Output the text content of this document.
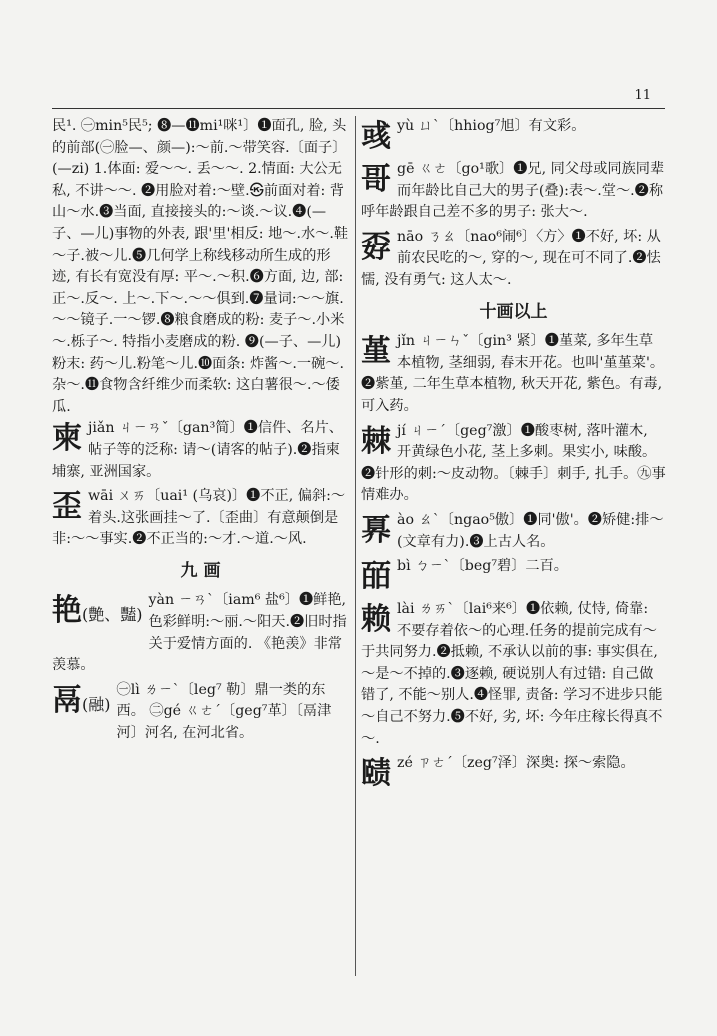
11
民¹. ㊀min⁵民⁵; ❽—⓫mi¹咪¹〕❶面孔, 脸, 头的前部(㊀脸—、颜—):～前.～带笑容.〔面子〕(—zi) 1.体面: 爱～～. 丢～～. 2.情面: 大公无私, 不讲～～. ❷用脸对着:～壁.㉿前面对着: 背山～水.❸当面, 直接接头的:～谈.～议.❹(—子、—儿)事物的外表, 跟'里'相反: 地～.水～.鞋～子.被～儿.❺几何学上称线移动所生成的形迹, 有长有宽没有厚: 平～.～积.❻方面, 边, 部: 正～.反～. 上～.下～.～～俱到.❼量词:～～旗.～～镜子.一～锣.❽粮食磨成的粉: 麦子～.小米～.栎子～. 特指小麦磨成的粉. ❾(—子、—儿)粉末: 药～儿.粉笔～儿.❿面条: 炸酱～.一碗～.杂～.⓫食物含纤维少而柔软: 这白薯很～.～倭瓜.
柬 jiǎn ㄐㄧㄢˇ〔gan³简〕❶信件、名片、帖子等的泛称: 请～(请客的帖子).❷指柬埔寨, 亚洲国家。
歪 wāi ㄨㄞ〔uai¹ (乌哀)〕❶不正, 偏斜:～着头.这张画挂～了.〔歪曲〕有意颠倒是非:～～事实.❷不正当的:～才.～道.～风.
九 画
艳(艶、豔)
yàn ㄧㄢˋ〔iam⁶ 盐⁶〕❶鲜艳, 色彩鲜明:～丽.～阳天.❷旧时指关于爱情方面的. 《艳羡》非常羡慕。
鬲(融)
㊀lì ㄌㄧˋ〔leg⁷ 勒〕鼎一类的东西。 ㊁gé ㄍㄜˊ〔geg⁷革〕〔鬲津河〕河名, 在河北省。
彧 yù ㄩˋ〔hhiog⁷旭〕有文彩。
哥 gē ㄍㄜ〔go¹歌〕❶兄, 同父母或同族同辈而年龄比自己大的男子(叠):表～.堂～.❷称呼年龄跟自己差不多的男子: 张大～.
孬 nāo ㄋㄠ〔nao⁶闹⁶〕〈方〉❶不好, 坏: 从前农民吃的～, 穿的～, 现在可不同了.❷怯懦, 没有勇气: 这人太～.
十画以上
堇 jǐn ㄐㄧㄣˇ〔gin³ 紧〕❶堇菜, 多年生草本植物, 茎细弱, 春末开花。也叫'堇堇菜'。❷紫堇, 二年生草本植物, 秋天开花, 紫色。有毒, 可入药。
棘 jí ㄐㄧˊ〔geg⁷激〕❶酸枣树, 落叶灌木, 开黄绿色小花, 茎上多刺。果实小, 味酸。❷针形的刺:～皮动物。〔棘手〕刺手, 扎手。㊈事情难办。
奡 ào ㄠˋ〔ngao⁵傲〕❶同'傲'。❷矫健:排～(文章有力).❸上古人名。
皕 bì ㄅㄧˋ〔beg⁷碧〕二百。
赖 lài ㄌㄞˋ〔lai⁶来⁶〕❶依赖, 仗恃, 倚靠: 不要存着依～的心理.任务的提前完成有～于共同努力.❷抵赖, 不承认以前的事: 事实俱在, ～是～不掉的.❸逐赖, 硬说别人有过错: 自己做错了, 不能～别人.❹怪罪, 责备: 学习不进步只能～自己不努力.❺不好, 劣, 坏: 今年庄稼长得真不～.
赜 zé ㄗㄜˊ〔zeg⁷泽〕深奥: 探～索隐。
